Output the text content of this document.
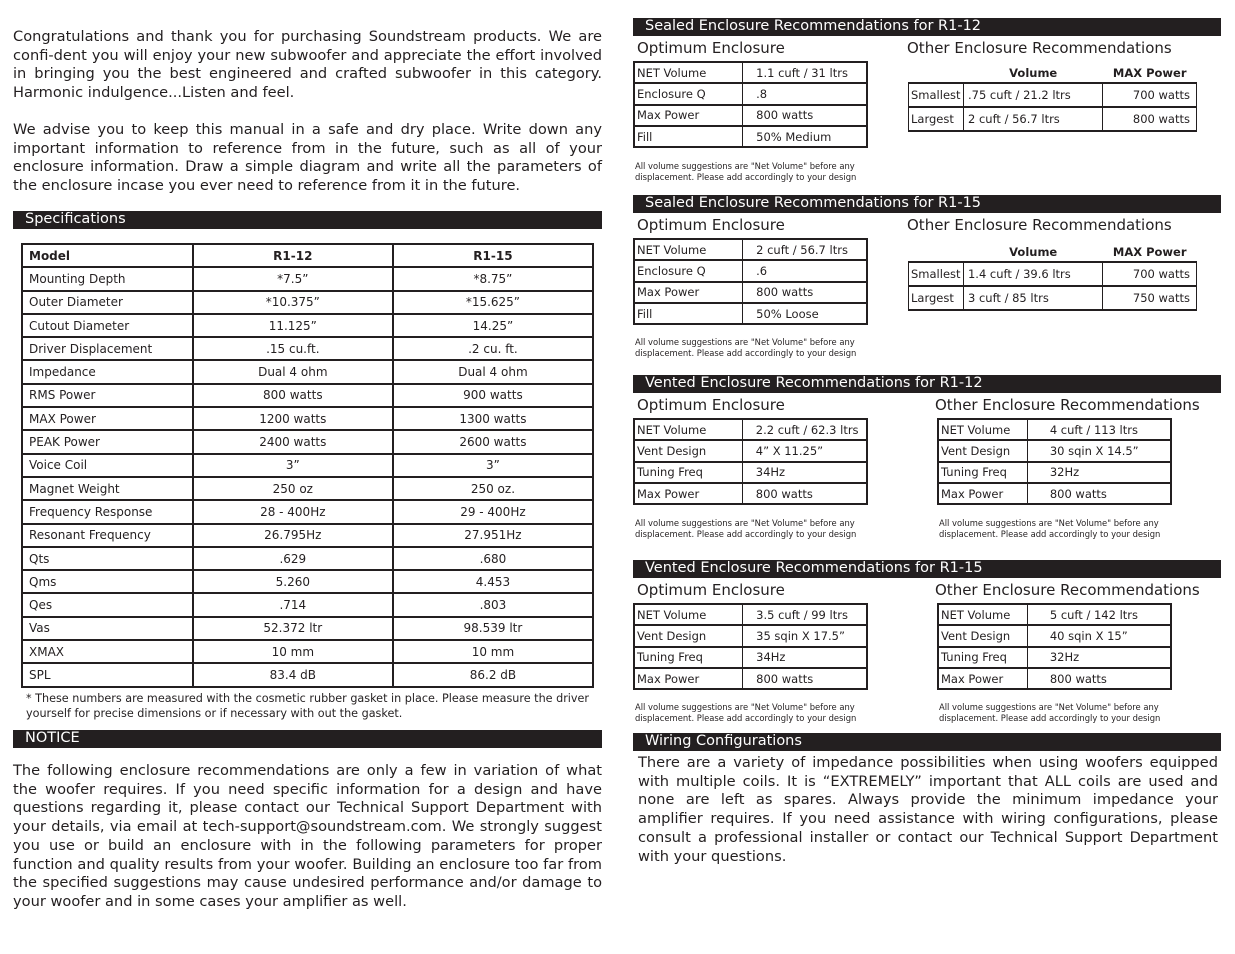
Congratulations and thank you for purchasing Soundstream products. We are confi-dent you will enjoy your new subwoofer and appreciate the effort involved in bringing you the best engineered and crafted subwoofer in this category. Harmonic indulgence...Listen and feel.

We advise you to keep this manual in a safe and dry place. Write down any important information to reference from in the future, such as all of your enclosure information. Draw a simple diagram and write all the parameters of the enclosure incase you ever need to reference from it in the future.

Specifications
Model	R1-12	R1-15
Mounting Depth	*7.5”	*8.75”
Outer Diameter	*10.375”	*15.625”
Cutout Diameter	11.125”	14.25”
Driver Displacement	.15 cu.ft.	.2 cu. ft.
Impedance	Dual 4 ohm	Dual 4 ohm
RMS Power	800 watts	900 watts
MAX Power	1200 watts	1300 watts
PEAK Power	2400 watts	2600 watts
Voice Coil	3”	3”
Magnet Weight	250 oz	250 oz.
Frequency Response	28 - 400Hz	29 - 400Hz
Resonant Frequency	26.795Hz	27.951Hz
Qts	.629	.680
Qms	5.260	4.453
Qes	.714	.803
Vas	52.372 ltr	98.539 ltr
XMAX	10 mm	10 mm
SPL	83.4 dB	86.2 dB
* These numbers are measured with the cosmetic rubber gasket in place. Please measure the driver yourself for precise dimensions or if necessary with out the gasket.
NOTICE

The following enclosure recommendations are only a few in variation of what the woofer requires. If you need specific information for a design and have questions regarding it, please contact our Technical Support Department with your details, via email at tech-support@soundstream.com. We strongly suggest you use or build an enclosure with in the following parameters for proper function and quality results from your woofer. Building an enclosure too far from the specified suggestions may cause undesired performance and/or damage to your woofer and in some cases your amplifier as well.

Sealed Enclosure Recommendations for R1-12
Optimum Enclosure	Other Enclosure Recommendations
NET Volume	1.1 cuft / 31 ltrs
Enclosure Q	.8
Max Power	800 watts
Fill	50% Medium
All volume suggestions are "Net Volume" before any displacement. Please add accordingly to your design
	Volume	MAX Power
Smallest	.75 cuft / 21.2 ltrs	700 watts
Largest	2 cuft / 56.7 ltrs	800 watts
Sealed Enclosure Recommendations for R1-15
Optimum Enclosure	Other Enclosure Recommendations
NET Volume	2 cuft / 56.7 ltrs
Enclosure Q	.6
Max Power	800 watts
Fill	50% Loose
All volume suggestions are "Net Volume" before any displacement. Please add accordingly to your design
	Volume	MAX Power
Smallest	1.4 cuft / 39.6 ltrs	700 watts
Largest	3 cuft / 85 ltrs	750 watts
Vented Enclosure Recommendations for R1-12
Optimum Enclosure	Other Enclosure Recommendations
NET Volume	2.2 cuft / 62.3 ltrs
Vent Design	4” X 11.25”
Tuning Freq	34Hz
Max Power	800 watts
All volume suggestions are "Net Volume" before any displacement. Please add accordingly to your design
NET Volume	4 cuft / 113 ltrs
Vent Design	30 sqin X 14.5”
Tuning Freq	32Hz
Max Power	800 watts
All volume suggestions are "Net Volume" before any displacement. Please add accordingly to your design
Vented Enclosure Recommendations for R1-15
Optimum Enclosure	Other Enclosure Recommendations
NET Volume	3.5 cuft / 99 ltrs
Vent Design	35 sqin X 17.5”
Tuning Freq	34Hz
Max Power	800 watts
All volume suggestions are "Net Volume" before any displacement. Please add accordingly to your design
NET Volume	5 cuft / 142 ltrs
Vent Design	40 sqin X 15”
Tuning Freq	32Hz
Max Power	800 watts
All volume suggestions are "Net Volume" before any displacement. Please add accordingly to your design
Wiring Configurations

There are a variety of impedance possibilities when using woofers equipped with multiple coils. It is “EXTREMELY” important that ALL coils are used and none are left as spares. Always provide the minimum impedance your amplifier requires. If you need assistance with wiring configurations, please consult a professional installer or contact our Technical Support Department with your questions.
